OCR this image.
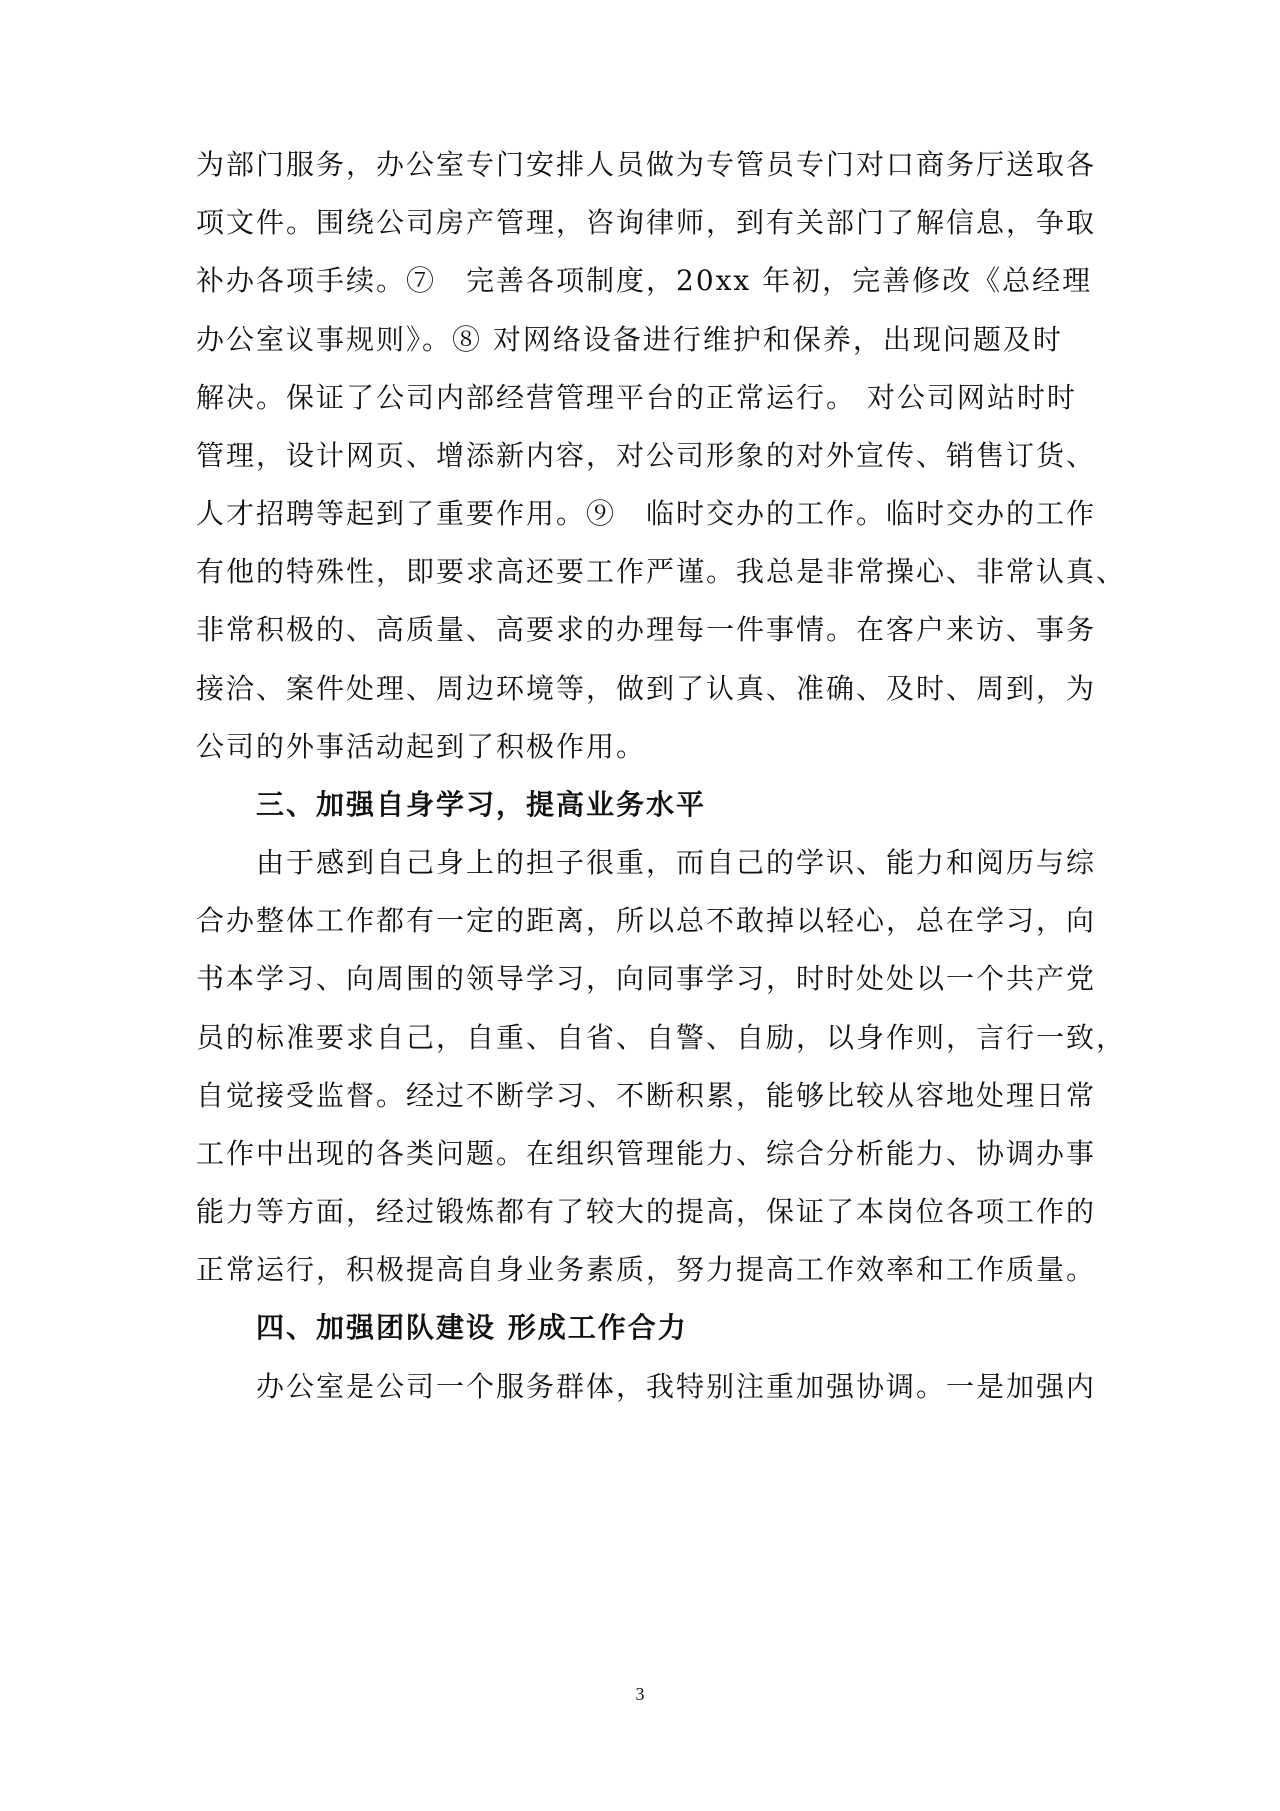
为部门服务，办公室专门安排人员做为专管员专门对口商务厅送取各
项文件。围绕公司房产管理，咨询律师，到有关部门了解信息，争取
补办各项手续。⑦　完善各项制度，20xx 年初，完善修改《总经理
办公室议事规则》。⑧ 对网络设备进行维护和保养，出现问题及时
解决。保证了公司内部经营管理平台的正常运行。 对公司网站时时
管理，设计网页、增添新内容，对公司形象的对外宣传、销售订货、
人才招聘等起到了重要作用。⑨　临时交办的工作。临时交办的工作
有他的特殊性，即要求高还要工作严谨。我总是非常操心、非常认真、
非常积极的、高质量、高要求的办理每一件事情。在客户来访、事务
接洽、案件处理、周边环境等，做到了认真、准确、及时、周到，为
公司的外事活动起到了积极作用。
三、加强自身学习，提高业务水平
由于感到自己身上的担子很重，而自己的学识、能力和阅历与综
合办整体工作都有一定的距离，所以总不敢掉以轻心，总在学习，向
书本学习、向周围的领导学习，向同事学习，时时处处以一个共产党
员的标准要求自己，自重、自省、自警、自励，以身作则，言行一致，
自觉接受监督。经过不断学习、不断积累，能够比较从容地处理日常
工作中出现的各类问题。在组织管理能力、综合分析能力、协调办事
能力等方面，经过锻炼都有了较大的提高，保证了本岗位各项工作的
正常运行，积极提高自身业务素质，努力提高工作效率和工作质量。
四、加强团队建设 形成工作合力
办公室是公司一个服务群体，我特别注重加强协调。一是加强内
3
